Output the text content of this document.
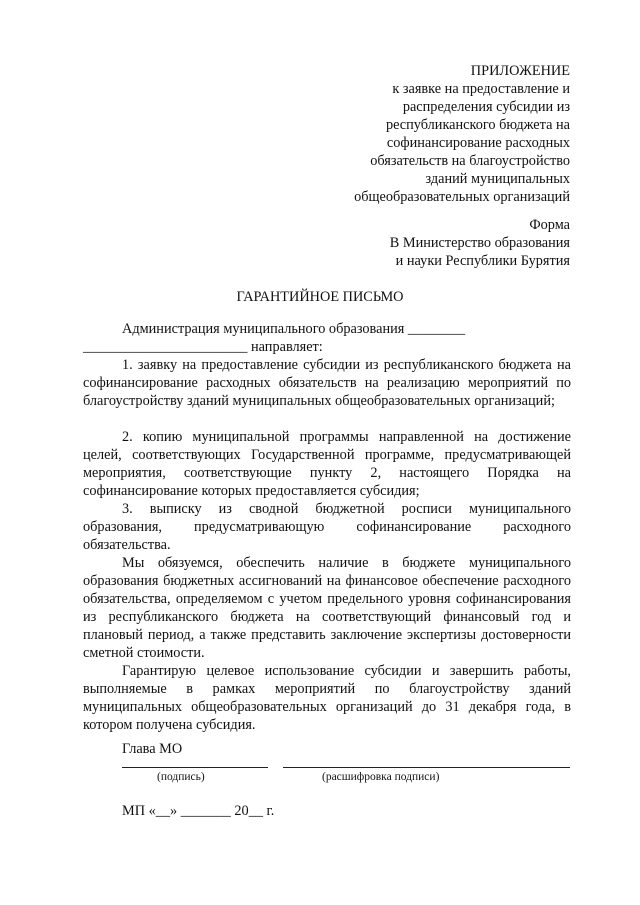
ПРИЛОЖЕНИЕ
к заявке на предоставление и
распределения субсидии из
республиканского бюджета на
софинансирование расходных
обязательств на благоустройство
зданий муниципальных
общеобразовательных организаций
Форма
В Министерство образования
и науки Республики Бурятия
ГАРАНТИЙНОЕ ПИСЬМО
Администрация муниципального образования ________
_______________________ направляет:
1. заявку на предоставление субсидии из республиканского бюджета на софинансирование расходных обязательств на реализацию мероприятий по благоустройству зданий муниципальных общеобразовательных организаций;
2. копию муниципальной программы направленной на достижение целей, соответствующих Государственной программе, предусматривающей мероприятия, соответствующие пункту 2, настоящего Порядка на софинансирование которых предоставляется субсидия;
3. выписку из сводной бюджетной росписи муниципального образования, предусматривающую софинансирование расходного обязательства.
Мы обязуемся, обеспечить наличие в бюджете муниципального образования бюджетных ассигнований на финансовое обеспечение расходного обязательства, определяемом с учетом предельного уровня софинансирования из республиканского бюджета на соответствующий финансовый год и плановый период, а также представить заключение экспертизы достоверности сметной стоимости.
Гарантирую целевое использование субсидии и завершить работы, выполняемые в рамках мероприятий по благоустройству зданий муниципальных общеобразовательных организаций до 31 декабря года, в котором получена субсидия.
Глава МО
(подпись)	(расшифровка подписи)
МП «__» _______ 20__ г.
